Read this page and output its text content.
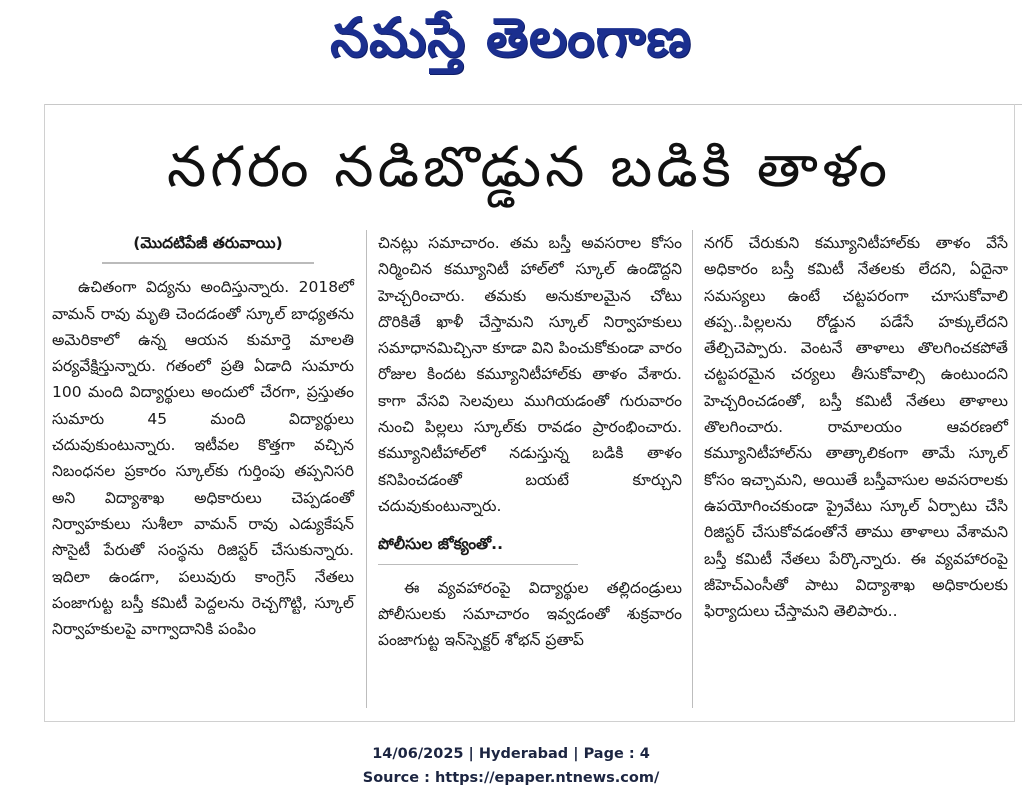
నమస్తే తెలంగాణ
నగరం నడిబొడ్డున బడికి తాళం
(మొదటిపేజీ తరువాయి)

ఉచితంగా విద్యను అందిస్తున్నారు. 2018లో వామన్ రావు మృతి చెందడంతో స్కూల్ బాధ్యతను అమెరికాలో ఉన్న ఆయన కుమార్తె మాలతి పర్యవేక్షిస్తున్నారు. గతంలో ప్రతి ఏడాది సుమారు 100 మంది విద్యార్థులు అందులో చేరగా, ప్రస్తుతం సుమారు 45 మంది విద్యార్థులు చదువుకుంటున్నారు. ఇటీవల కొత్తగా వచ్చిన నిబంధనల ప్రకారం స్కూల్‌కు గుర్తింపు తప్పనిసరి అని విద్యాశాఖ అధికారులు చెప్పడంతో నిర్వాహకులు సుశీలా వామన్ రావు ఎడ్యుకేషన్ సొసైటీ పేరుతో సంస్థను రిజిస్టర్ చేసుకున్నారు. ఇదిలా ఉండగా, పలువురు కాంగ్రెస్ నేతలు పంజాగుట్ట బస్తీ కమిటీ పెద్దలను రెచ్చగొట్టి, స్కూల్ నిర్వాహకులపై వాగ్వాదానికి పంపిం

చినట్లు సమాచారం. తమ బస్తీ అవసరాల కోసం నిర్మించిన కమ్యూనిటీ హాల్‌లో స్కూల్ ఉండొద్దని హెచ్చరించారు. తమకు అనుకూలమైన చోటు దొరికితే ఖాళీ చేస్తామని స్కూల్ నిర్వాహకులు సమాధానమిచ్చినా కూడా విని పించుకోకుండా వారం రోజుల కిందట కమ్యూనిటీహాల్‌కు తాళం వేశారు. కాగా వేసవి సెలవులు ముగియడంతో గురువారం నుంచి పిల్లలు స్కూల్‌కు రావడం ప్రారంభించారు. కమ్యూనిటీహాల్‌లో నడుస్తున్న బడికి తాళం కనిపించడంతో బయటే కూర్చుని చదువుకుంటున్నారు.

పోలీసుల జోక్యంతో..

ఈ వ్యవహారంపై విద్యార్థుల తల్లిదండ్రులు పోలీసులకు సమాచారం ఇవ్వడంతో శుక్రవారం పంజాగుట్ట ఇన్‌స్పెక్టర్ శోభన్ ప్రతాప్

నగర్ చేరుకుని కమ్యూనిటీహాల్‌కు తాళం వేసే అధికారం బస్తీ కమిటీ నేతలకు లేదని, ఏదైనా సమస్యలు ఉంటే చట్టపరంగా చూసుకోవాలి తప్ప..పిల్లలను రోడ్డున పడేసే హక్కులేదని తేల్చిచెప్పారు. వెంటనే తాళాలు తొలగించకపోతే చట్టపరమైన చర్యలు తీసుకోవాల్సి ఉంటుందని హెచ్చరించడంతో, బస్తీ కమిటీ నేతలు తాళాలు తొలగించారు. రామాలయం ఆవరణలో కమ్యూనిటీహాల్‌ను తాత్కాలికంగా తామే స్కూల్ కోసం ఇచ్చామని, అయితే బస్తీవాసుల అవసరాలకు ఉపయోగించకుండా ప్రైవేటు స్కూల్ ఏర్పాటు చేసి రిజిస్టర్ చేసుకోవడంతోనే తాము తాళాలు వేశామని బస్తీ కమిటీ నేతలు పేర్కొన్నారు. ఈ వ్యవహారంపై జీహెచ్ఎంసీతో పాటు విద్యాశాఖ అధికారులకు ఫిర్యాదులు చేస్తామని తెలిపారు..

14/06/2025 | Hyderabad | Page : 4
Source : https://epaper.ntnews.com/
